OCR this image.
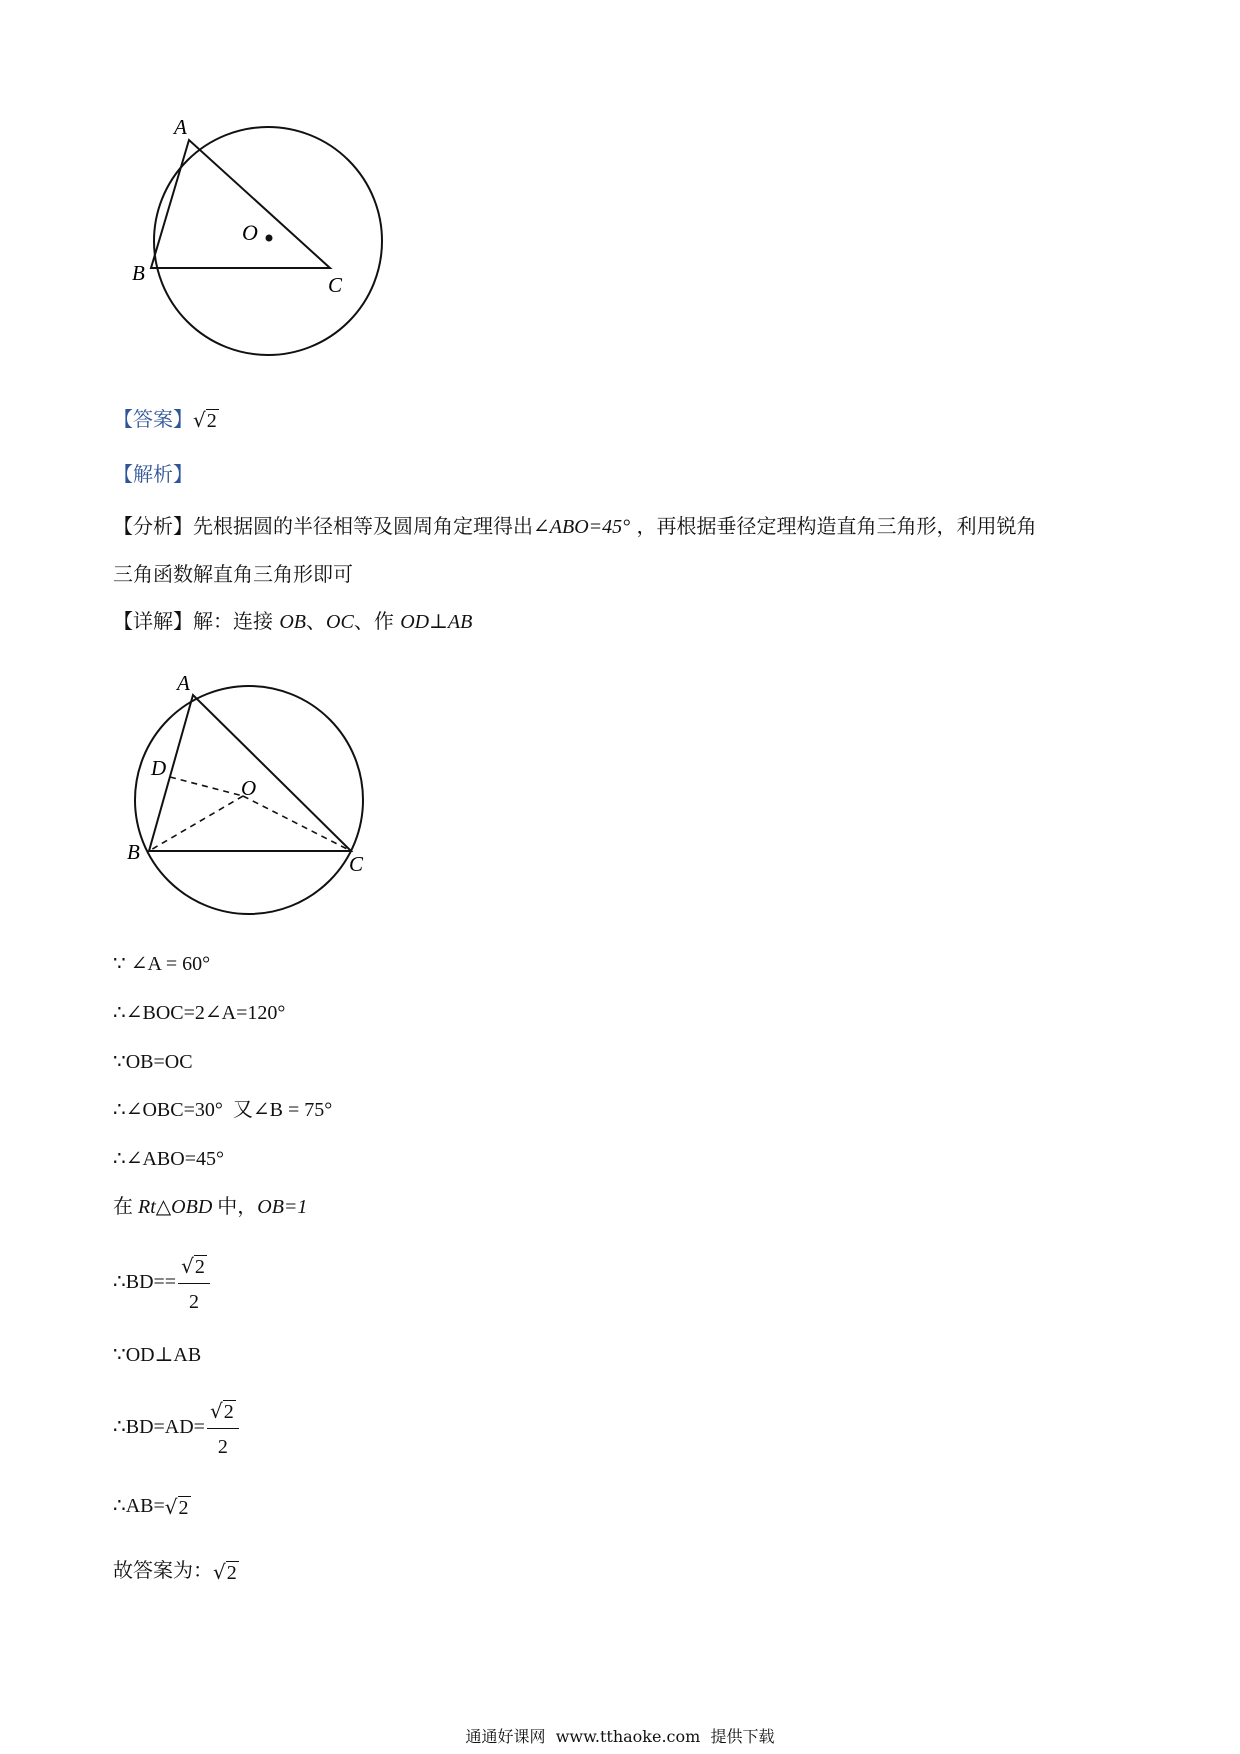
A
B	C
O
【答案】√2
【解析】
【分析】先根据圆的半径相等及圆周角定理得出∠ABO=45° ，再根据垂径定理构造直角三角形，利用锐角
三角函数解直角三角形即可
【详解】解：连接 OB、OC、作 OD⊥AB
A
D
O
B	C
∵ ∠A = 60°
∴∠BOC=2∠A=120°
∵OB=OC
∴∠OBC=30° 又∠B = 75°
∴∠ABO=45°
在 Rt△OBD 中，OB=1
∴BD== $\frac{√2}{2}$
∵OD⊥AB
∴BD=AD= $\frac{√2}{2}$
∴AB=√2
故答案为：√2
通通好课网 www.tthaoke.com 提供下载
